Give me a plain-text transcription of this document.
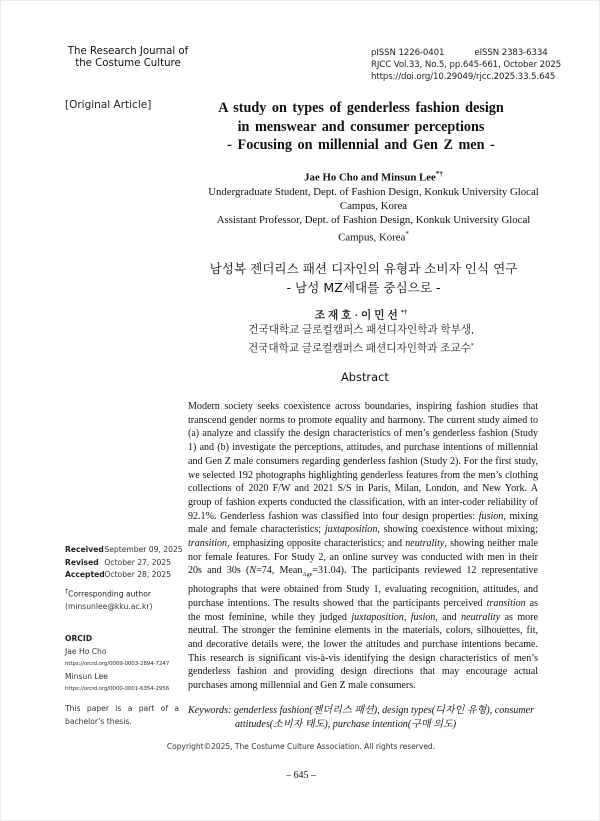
The Research Journal of
the Costume Culture
pISSN 1226-0401	eISSN 2383-6334
RJCC Vol.33, No.5, pp.645-661, October 2025
https://doi.org/10.29049/rjcc.2025.33.5.645
[Original Article]	A study on types of genderless fashion design
in menswear and consumer perceptions
- Focusing on millennial and Gen Z men -
Jae Ho Cho and Minsun Lee*†
Undergraduate Student, Dept. of Fashion Design, Konkuk University Glocal
Campus, Korea
Assistant Professor, Dept. of Fashion Design, Konkuk University Glocal
Campus, Korea*
남성복 젠더리스 패션 디자인의 유형과 소비자 인식 연구
- 남성 MZ세대를 중심으로 -
조재호·이민선*†
건국대학교 글로컬캠퍼스 패션디자인학과 학부생,
건국대학교 글로컬캠퍼스 패션디자인학과 조교수*
Abstract
Modern society seeks coexistence across boundaries, inspiring fashion studies that transcend gender norms to promote equality and harmony. The current study aimed to (a) analyze and classify the design characteristics of men’s genderless fashion (Study 1) and (b) investigate the perceptions, attitudes, and purchase intentions of millennial and Gen Z male consumers regarding genderless fashion (Study 2). For the first study, we selected 192 photographs highlighting genderless features from the men’s clothing collections of 2020 F/W and 2021 S/S in Paris, Milan, London, and New York. A group of fashion experts conducted the classification, with an inter-coder reliability of 92.1%. Genderless fashion was classified into four design properties: fusion, mixing male and female characteristics; juxtaposition, showing coexistence without mixing; transition, emphasizing opposite characteristics; and neutrality, showing neither male nor female features. For Study 2, an online survey was conducted with men in their 20s and 30s (N=74, Mean$_{Age}$=31.04). The participants reviewed 12 representative photographs that were obtained from Study 1, evaluating recognition, attitudes, and purchase intentions. The results showed that the participants perceived transition as the most feminine, while they judged juxtaposition, fusion, and neutrality as more neutral. The stronger the feminine elements in the materials, colors, silhouettes, fit, and decorative details were, the lower the attitudes and purchase intentions became. This research is significant vis-à-vis identifying the design characteristics of men’s genderless fashion and providing design directions that may encourage actual purchases among millennial and Gen Z male consumers.
Keywords: genderless fashion(젠더리스 패션), design types(디자인 유형), consumer
attitudes(소비자 태도), purchase intention(구매 의도)
Received September 09, 2025
Revised October 27, 2025
Accepted October 28, 2025
†Corresponding author
(minsunlee@kku.ac.kr)
ORCID
Jae Ho Cho
https://orcid.org/0009-0003-2894-7247
Minsun Lee
https://orcid.org/0000-0001-6354-2956
This paper is a part of a bachelor’s thesis.
Copyright©2025, The Costume Culture Association. All rights reserved.
– 645 –
